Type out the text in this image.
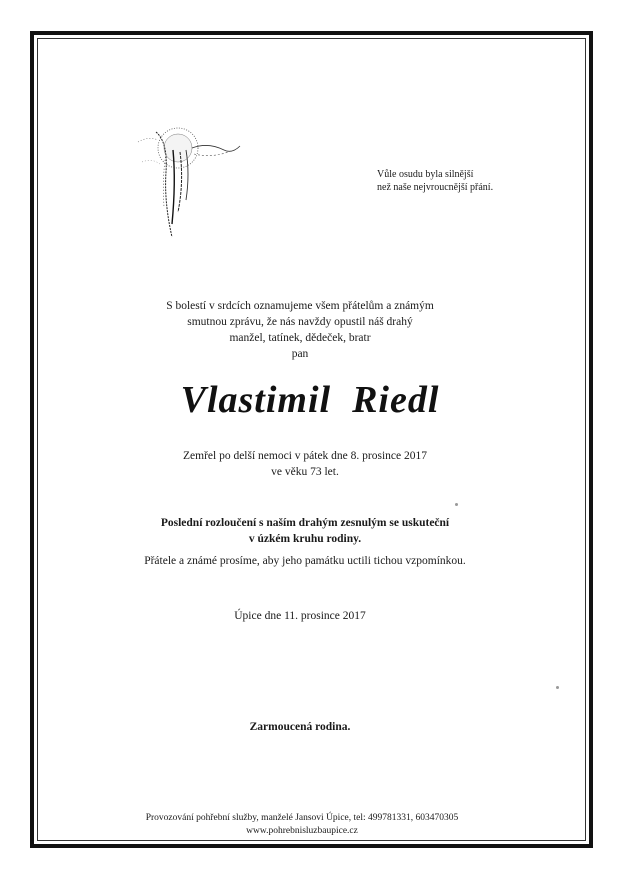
Vůle osudu byla silnější
než naše nejvroucnější přání.
S bolestí v srdcích oznamujeme všem přátelům a známým
smutnou zprávu, že nás navždy opustil náš drahý
manžel, tatínek, dědeček, bratr
pan
Vlastimil  Riedl
Zemřel po delší nemoci v pátek dne 8. prosince 2017
ve věku 73 let.
Poslední rozloučení s naším drahým zesnulým se uskuteční
v úzkém kruhu rodiny.
Přátele a známé prosíme, aby jeho památku uctili tichou vzpomínkou.
Úpice dne 11. prosince 2017
Zarmoucená rodina.
Provozování pohřební služby, manželé Jansovi Úpice, tel: 499781331, 603470305
www.pohrebnisluzbaupice.cz
